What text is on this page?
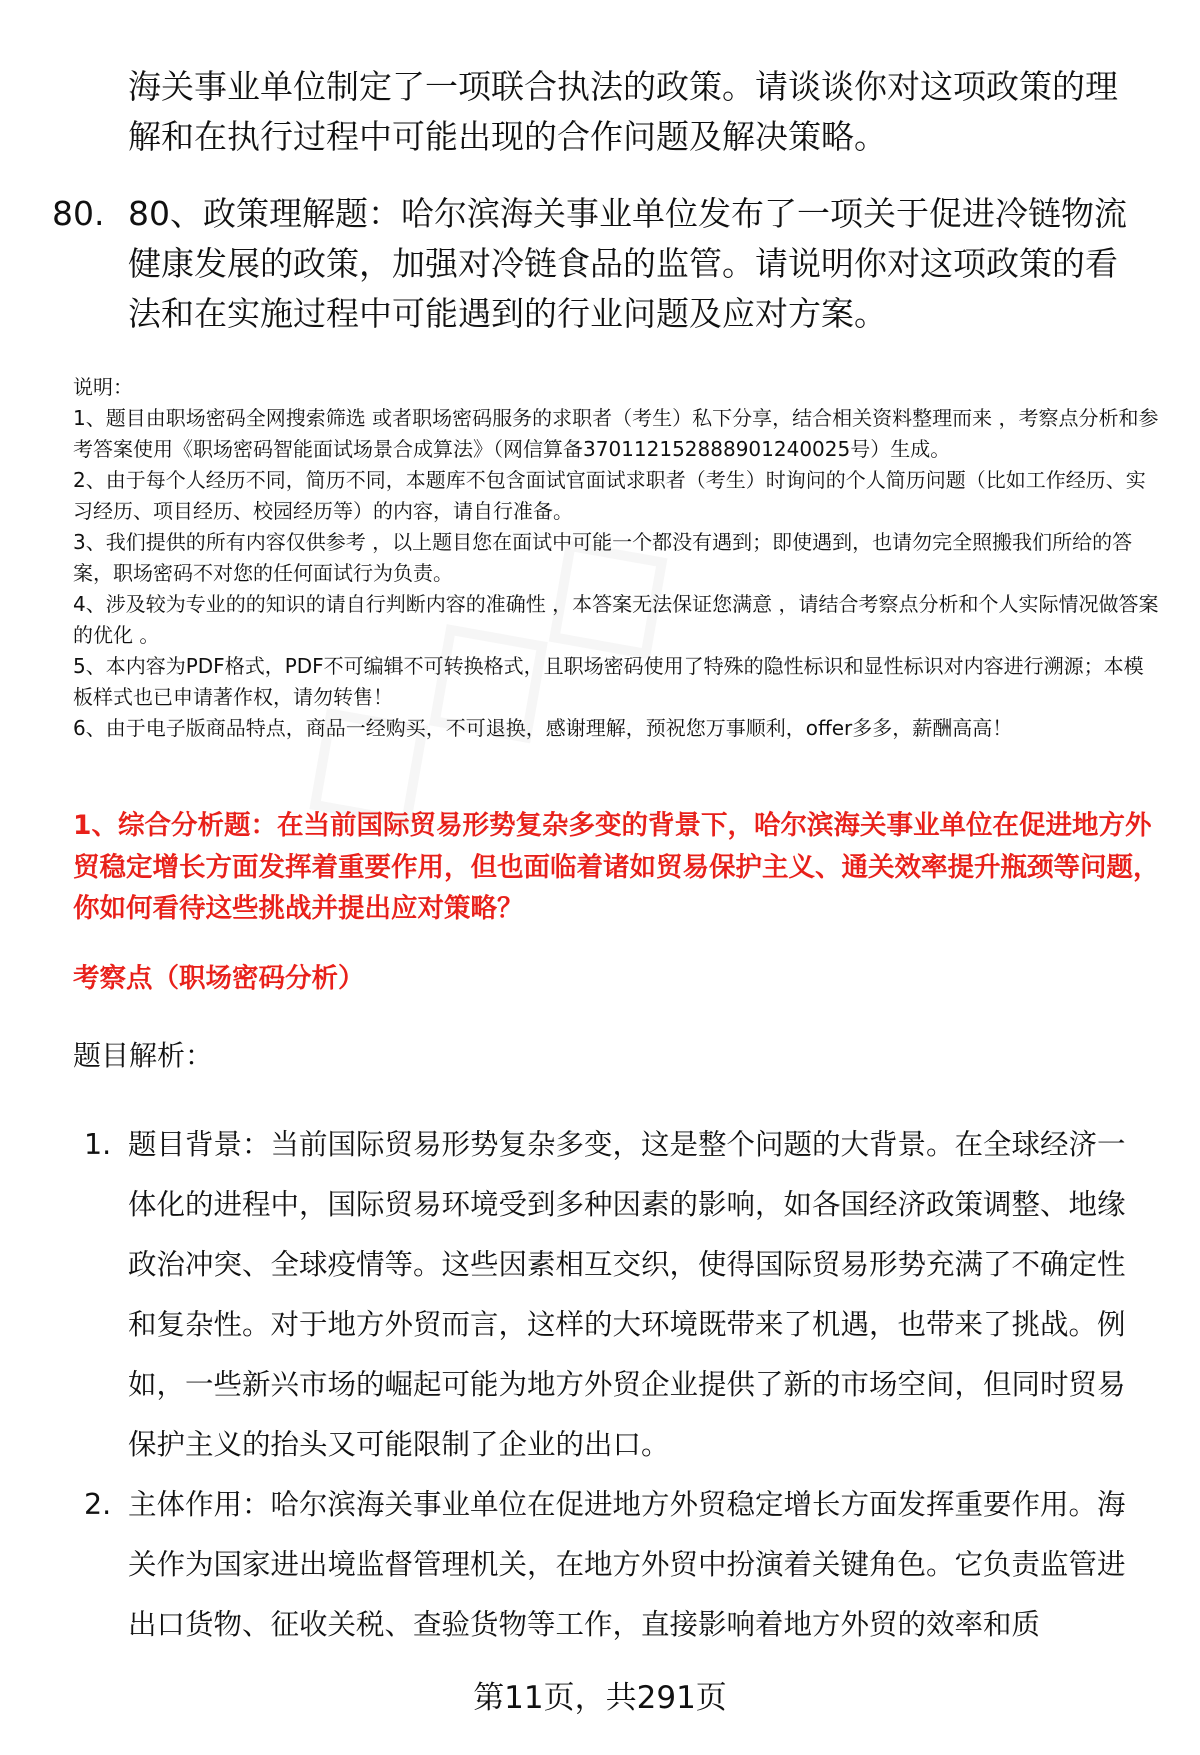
海关事业单位制定了一项联合执法的政策。请谈谈你对这项政策的理解和在执行过程中可能出现的合作问题及解决策略。
80. 80、政策理解题：哈尔滨海关事业单位发布了一项关于促进冷链物流健康发展的政策，加强对冷链食品的监管。请说明你对这项政策的看法和在实施过程中可能遇到的行业问题及应对方案。
说明：
1、题目由职场密码全网搜索筛选 或者职场密码服务的求职者（考生）私下分享，结合相关资料整理而来 ，考察点分析和参考答案使用《职场密码智能面试场景合成算法》（网信算备370112152888901240025号）生成。
2、由于每个人经历不同，简历不同，本题库不包含面试官面试求职者（考生）时询问的个人简历问题（比如工作经历、实习经历、项目经历、校园经历等）的内容，请自行准备。
3、我们提供的所有内容仅供参考 ，以上题目您在面试中可能一个都没有遇到；即使遇到，也请勿完全照搬我们所给的答案，职场密码不对您的任何面试行为负责。
4、涉及较为专业的的知识的请自行判断内容的准确性 ，本答案无法保证您满意 ，请结合考察点分析和个人实际情况做答案的优化 。
5、本内容为PDF格式，PDF不可编辑不可转换格式，且职场密码使用了特殊的隐性标识和显性标识对内容进行溯源；本模板样式也已申请著作权，请勿转售！
6、由于电子版商品特点，商品一经购买，不可退换，感谢理解，预祝您万事顺利，offer多多，薪酬高高！
1、综合分析题：在当前国际贸易形势复杂多变的背景下，哈尔滨海关事业单位在促进地方外贸稳定增长方面发挥着重要作用，但也面临着诸如贸易保护主义、通关效率提升瓶颈等问题，你如何看待这些挑战并提出应对策略？
考察点（职场密码分析）
题目解析：
1. 题目背景：当前国际贸易形势复杂多变，这是整个问题的大背景。在全球经济一体化的进程中，国际贸易环境受到多种因素的影响，如各国经济政策调整、地缘政治冲突、全球疫情等。这些因素相互交织，使得国际贸易形势充满了不确定性和复杂性。对于地方外贸而言，这样的大环境既带来了机遇，也带来了挑战。例如，一些新兴市场的崛起可能为地方外贸企业提供了新的市场空间，但同时贸易保护主义的抬头又可能限制了企业的出口。
2. 主体作用：哈尔滨海关事业单位在促进地方外贸稳定增长方面发挥重要作用。海关作为国家进出境监督管理机关，在地方外贸中扮演着关键角色。它负责监管进出口货物、征收关税、查验货物等工作，直接影响着地方外贸的效率和质
第11页，共291页
